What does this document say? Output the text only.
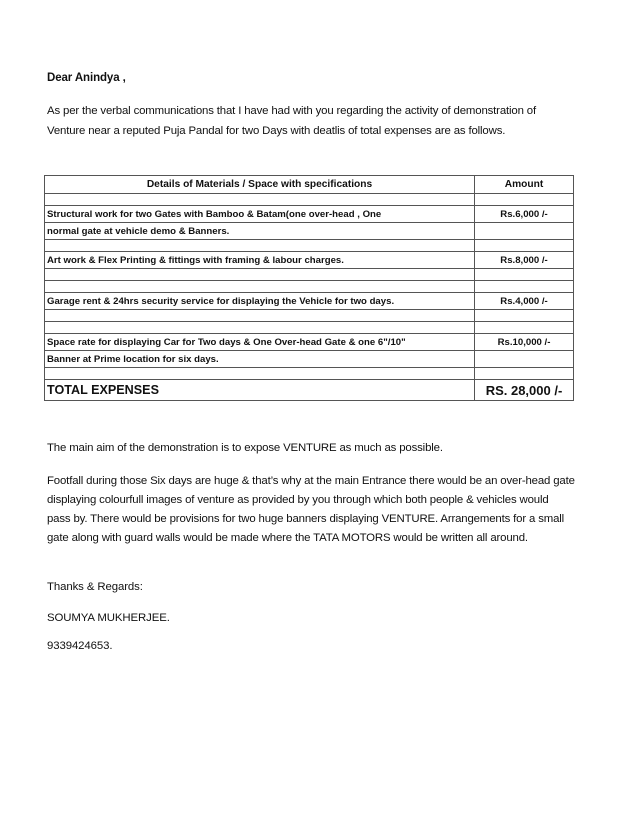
Dear Anindya ,
As per the verbal communications that I have had with you regarding the activity of demonstration of
Venture near a reputed Puja Pandal for two Days with deatlis of total expenses are as follows.
Details of Materials / Space with specifications	Amount

Structural work for two Gates with Bamboo & Batam(one over-head , One	Rs.6,000 /-
normal gate at vehicle demo & Banners.	

Art work & Flex Printing & fittings with framing & labour charges.	Rs.8,000 /-

Garage rent & 24hrs security service for displaying the Vehicle for two days.	Rs.4,000 /-

Space rate for displaying Car for Two days & One Over-head Gate & one 6"/10"	Rs.10,000 /-
Banner at Prime location for six days.	

TOTAL EXPENSES	RS. 28,000 /-
The main aim of the demonstration is to expose VENTURE as much as possible.
Footfall during those Six days are huge & that’s why at the main Entrance there would be an over-head gate
displaying colourfull images of venture as provided by you through which both people & vehicles would
pass by. There would be provisions for two huge banners displaying VENTURE. Arrangements for a small
gate along with guard walls would be made where the TATA MOTORS would be written all around.
Thanks & Regards:
SOUMYA MUKHERJEE.
9339424653.
